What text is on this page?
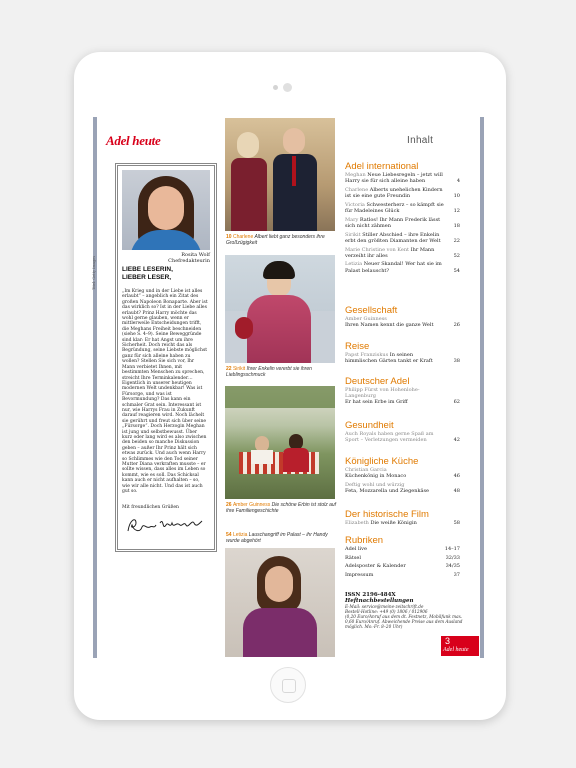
Adel heute
Rosita Wolf
Chefredakteurin
LIEBE LESERIN,
LIEBER LESER,
„Im Krieg und in der Liebe ist alles erlaubt“ – angeblich ein Zitat des großen Napoleon Bonaparte. Aber ist das wirklich so? Ist in der Liebe alles erlaubt? Prinz Harry möchte das wohl gerne glauben, wenn er mittlerweile Entscheidungen trifft, die Meghans Freiheit beschneiden (siehe S. 4–9). Seine Beweggründe sind klar: Er hat Angst um ihre Sicherheit. Doch reicht das als Begründung, seine Liebste möglichst ganz für sich alleine haben zu wollen? Stellen Sie sich vor, Ihr Mann verbietet Ihnen, mit bestimmten Menschen zu sprechen, streicht Ihre Terminkalender… Eigentlich in unserer heutigen modernen Welt undenkbar! Was ist Fürsorge, und was ist Bevormundung? Das kann ein schmaler Grat sein. Interessant ist nur, wie Harrys Frau in Zukunft darauf reagieren wird. Noch lächelt sie gerührt und freut sich über seine „Fürsorge“. Doch Herzogin Meghan ist jung und selbstbewusst. Über kurz oder lang wird es also zwischen den beiden so manche Diskussion geben – außer Ihr Prinz hält sich etwas zurück. Und auch wenn Harry so Schlimmes wie den Tod seiner Mutter Diana verkraften musste – er sollte wissen, dass alles im Leben so kommt, wie es soll. Das Schicksal kann auch er nicht aufhalten – so, wie wir alle nicht. Und das ist auch gut so.
Mit freundlichen Grüßen
Titel: Getty Images
10 Charlene Albert liebt ganz besonders ihre Großzügigkeit
22 Sirikit Ihrer Enkelin vererbt sie ihren Lieblingsschmuck
26 Amber Guinness Die schöne Erbin ist stolz auf ihre Familiengeschichte
54 Letizia Lauschangriff im Palast – ihr Handy wurde abgehört
Inhalt
Adel international
Meghan Neue Liebesregeln – jetzt will Harry sie für sich alleine haben	4
Charlene Alberts unehelichen Kindern ist sie eine gute Freundin	10
Victoria Schwesterherz – so kämpft sie für Madeleines Glück	12
Mary Ratlos! Ihr Mann Frederik lässt sich nicht zähmen	18
Sirikit Stiller Abschied – ihre Enkelin erbt den größten Diamanten der Welt	22
Marie Christine von Kent Ihr Mann verzeiht ihr alles	52
Letizia Neuer Skandal! Wer hat sie im Palast belauscht?	54
Gesellschaft
Amber Guinness
Ihren Namen kennt die ganze Welt	26
Reise
Papst Franziskus In seinen himmlischen Gärten tankt er Kraft	38
Deutscher Adel
Philipp Fürst von Hohenlohe-Langenburg
Er hat sein Erbe im Griff	62
Gesundheit
Auch Royals haben gerne Spaß am Sport – Verletzungen vermeiden	42
Königliche Küche
Christian Garcia
Küchenkönig in Monaco	46
Deftig wohl und würzig
Feta, Mozzarella und Ziegenkäse	48
Der historische Film
Elizabeth Die weiße Königin	58
Rubriken
Adel live	14–17
Rätsel	32/33
Adelsposter & Kalender	34/35
Impressum	37
ISSN 2196-484X
Heftnachbestellungen
E-Mail: service@meine-zeitschrift.de
Bestell-Hotline: +49 (0) 1806 / 012906
(0,20 Euro/Anruf aus dem dt. Festnetz, Mobilfunk max. 0,60 Euro/Anruf. Abweichende Preise aus dem Ausland möglich. Mo.-Fr. 8–20 Uhr)
3
Adel heute
